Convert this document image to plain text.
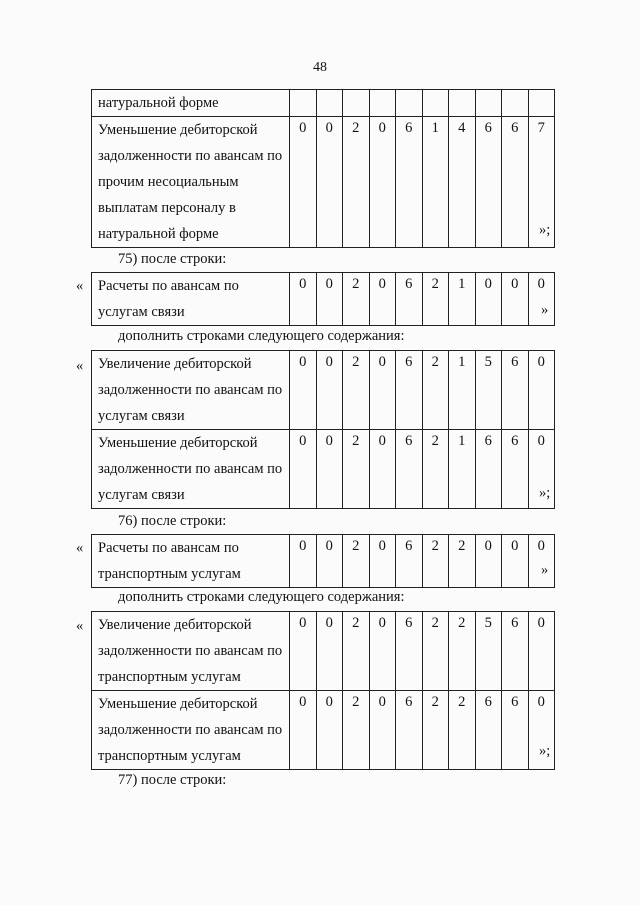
48
натуральной форме										
Уменьшение дебиторской задолженности по авансам по прочим несоциальным выплатам персоналу в натуральной форме	0	0	2	0	6	1	4	6	6	7
»;
75) после строки:
« Расчеты по авансам по услугам связи	0	0	2	0	6	2	1	0	0	0
»
дополнить строками следующего содержания:
« Увеличение дебиторской задолженности по авансам по услугам связи	0	0	2	0	6	2	1	5	6	0
Уменьшение дебиторской задолженности по авансам по услугам связи	0	0	2	0	6	2	1	6	6	0
»;
76) после строки:
« Расчеты по авансам по транспортным услугам	0	0	2	0	6	2	2	0	0	0
»
дополнить строками следующего содержания:
« Увеличение дебиторской задолженности по авансам по транспортным услугам	0	0	2	0	6	2	2	5	6	0
Уменьшение дебиторской задолженности по авансам по транспортным услугам	0	0	2	0	6	2	2	6	6	0
»;
77) после строки:
